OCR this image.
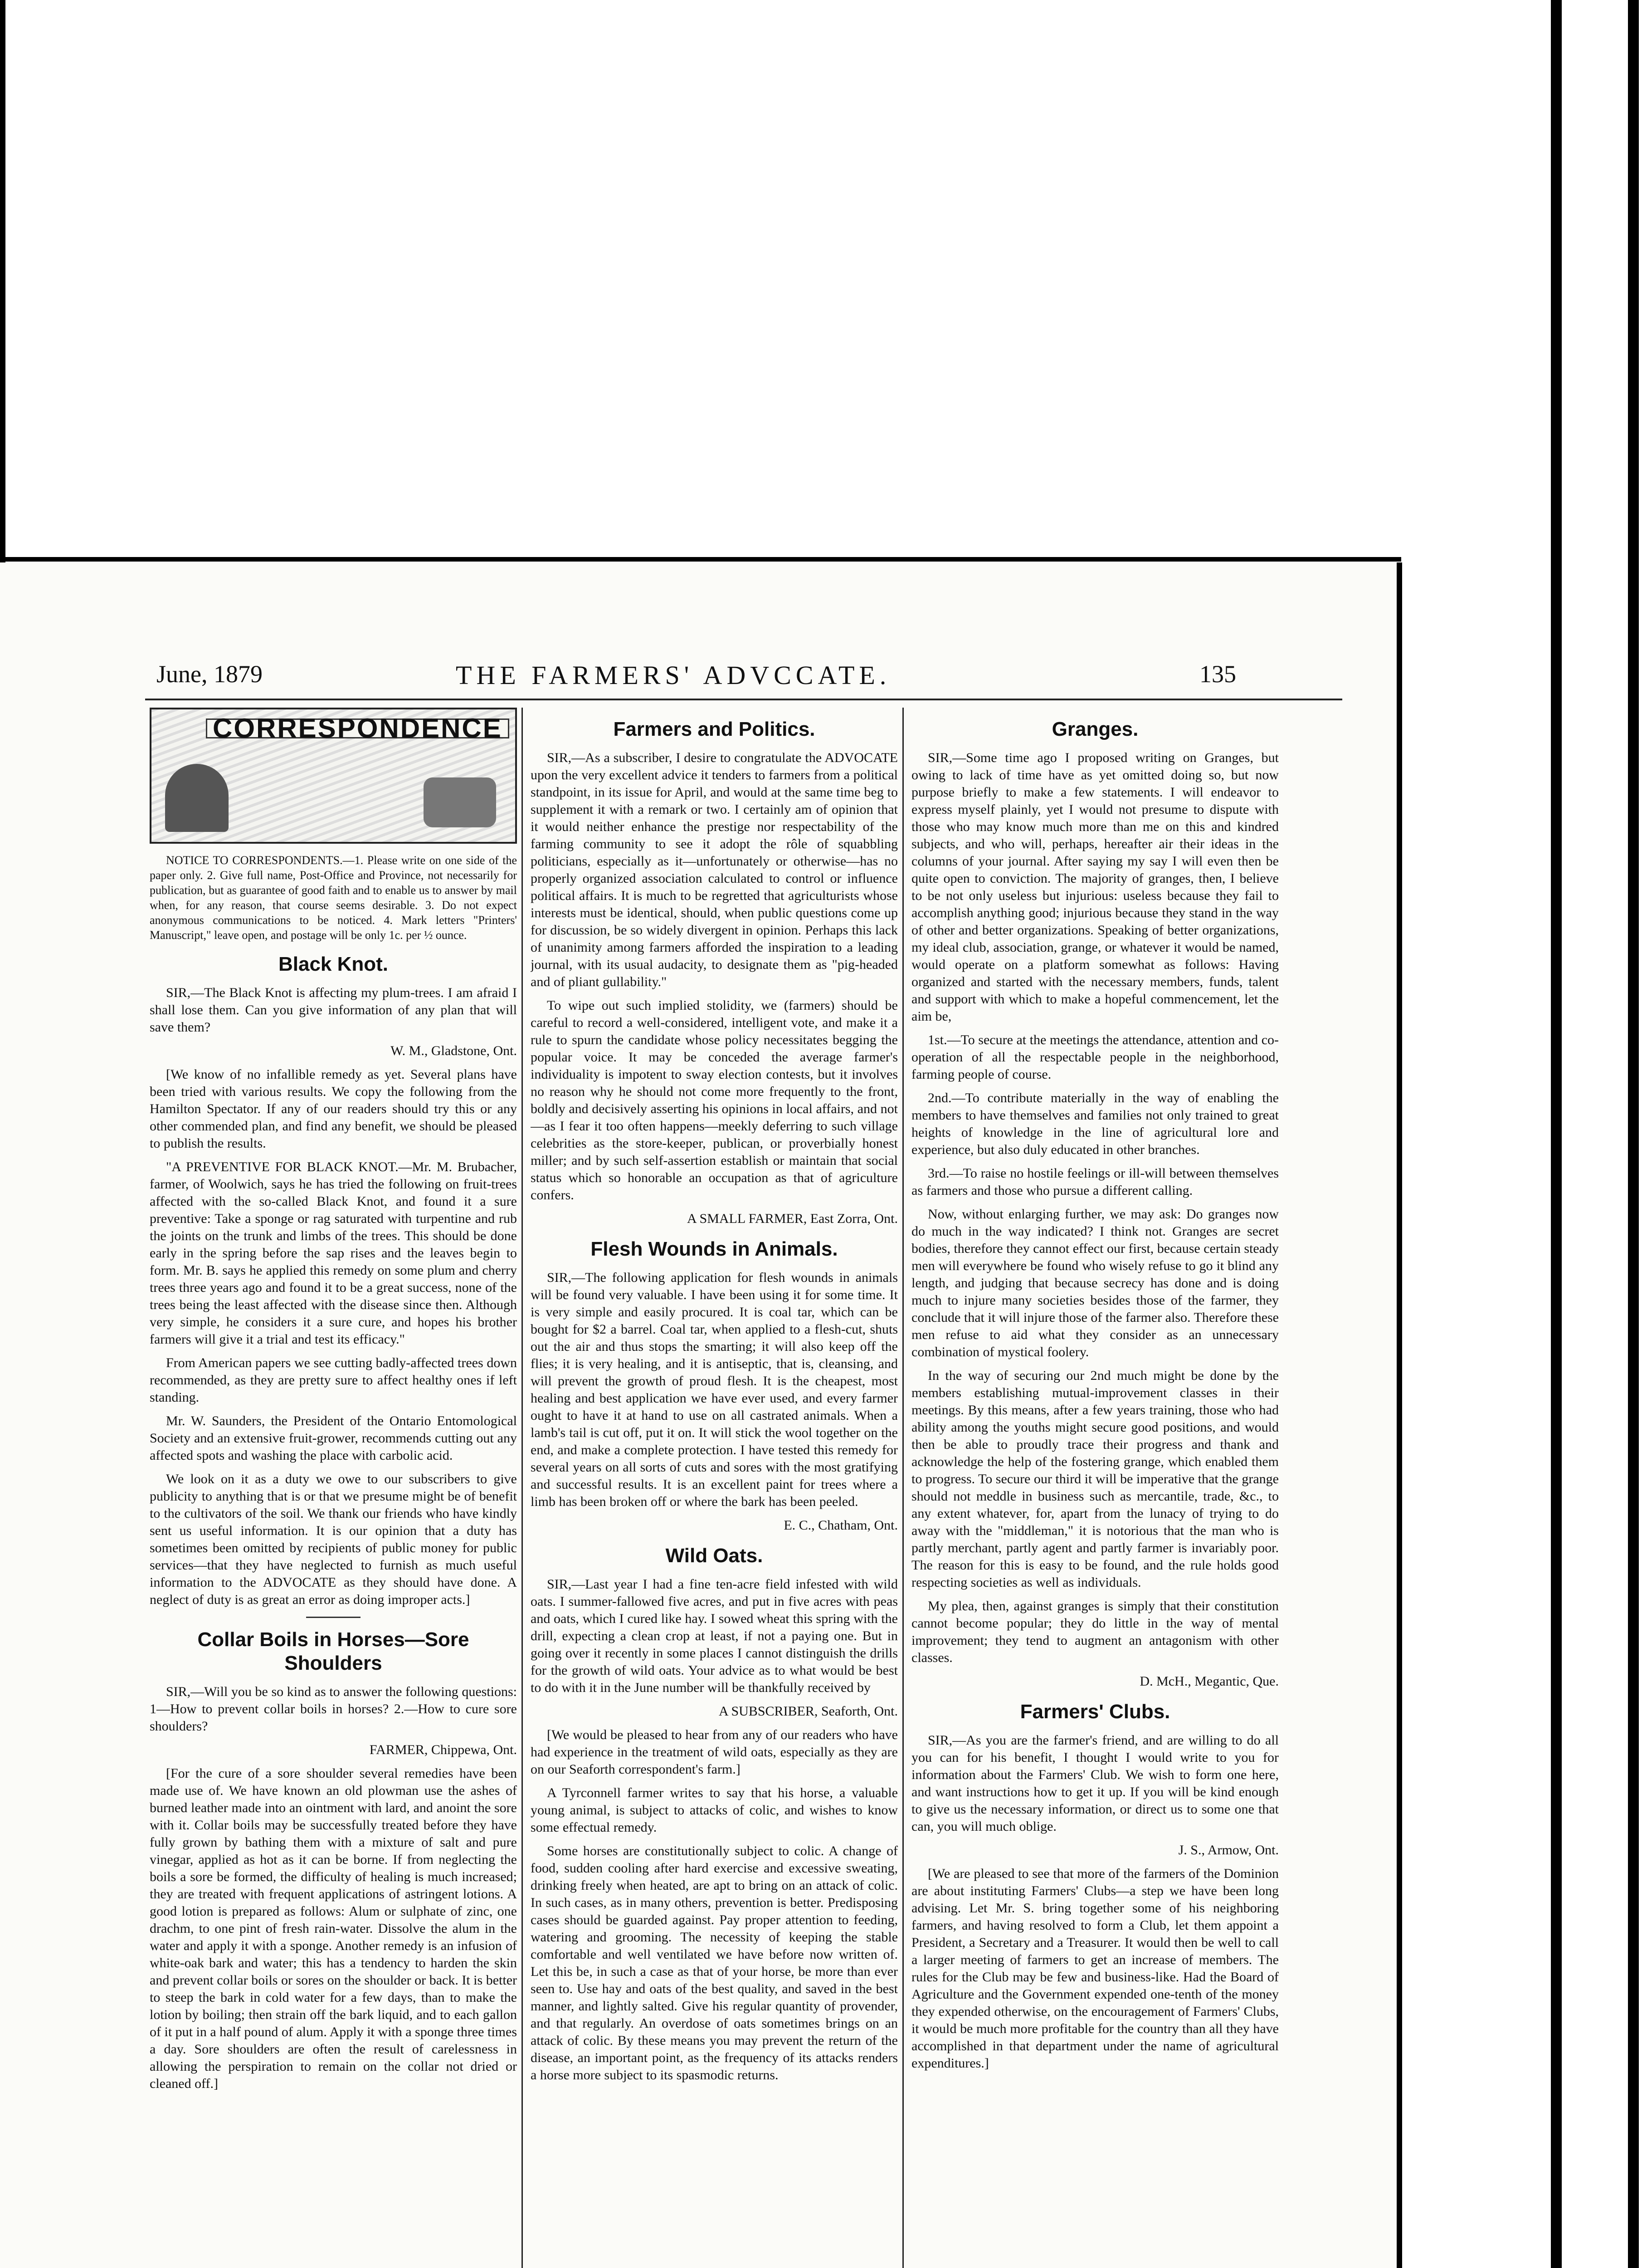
June, 1879	THE FARMERS' ADVCCATE.	135
CORRESPONDENCE

NOTICE TO CORRESPONDENTS.—1. Please write on one side of the paper only. 2. Give full name, Post-Office and Province, not necessarily for publication, but as guarantee of good faith and to enable us to answer by mail when, for any reason, that course seems desirable. 3. Do not expect anonymous communications to be noticed. 4. Mark letters "Printers' Manuscript," leave open, and postage will be only 1c. per ½ ounce.

Black Knot.

SIR,—The Black Knot is affecting my plum-trees. I am afraid I shall lose them. Can you give information of any plan that will save them?

W. M., Gladstone, Ont.

[We know of no infallible remedy as yet. Several plans have been tried with various results. We copy the following from the Hamilton Spectator. If any of our readers should try this or any other commended plan, and find any benefit, we should be pleased to publish the results.

"A PREVENTIVE FOR BLACK KNOT.—Mr. M. Brubacher, farmer, of Woolwich, says he has tried the following on fruit-trees affected with the so-called Black Knot, and found it a sure preventive: Take a sponge or rag saturated with turpentine and rub the joints on the trunk and limbs of the trees. This should be done early in the spring before the sap rises and the leaves begin to form. Mr. B. says he applied this remedy on some plum and cherry trees three years ago and found it to be a great success, none of the trees being the least affected with the disease since then. Although very simple, he considers it a sure cure, and hopes his brother farmers will give it a trial and test its efficacy."

From American papers we see cutting badly-affected trees down recommended, as they are pretty sure to affect healthy ones if left standing.

Mr. W. Saunders, the President of the Ontario Entomological Society and an extensive fruit-grower, recommends cutting out any affected spots and washing the place with carbolic acid.

We look on it as a duty we owe to our subscribers to give publicity to anything that is or that we presume might be of benefit to the cultivators of the soil. We thank our friends who have kindly sent us useful information. It is our opinion that a duty has sometimes been omitted by recipients of public money for public services—that they have neglected to furnish as much useful information to the ADVOCATE as they should have done. A neglect of duty is as great an error as doing improper acts.]

Collar Boils in Horses—Sore Shoulders

SIR,—Will you be so kind as to answer the following questions: 1—How to prevent collar boils in horses? 2.—How to cure sore shoulders?

FARMER, Chippewa, Ont.

[For the cure of a sore shoulder several remedies have been made use of. We have known an old plowman use the ashes of burned leather made into an ointment with lard, and anoint the sore with it. Collar boils may be successfully treated before they have fully grown by bathing them with a mixture of salt and pure vinegar, applied as hot as it can be borne. If from neglecting the boils a sore be formed, the difficulty of healing is much increased; they are treated with frequent applications of astringent lotions. A good lotion is prepared as follows: Alum or sulphate of zinc, one drachm, to one pint of fresh rain-water. Dissolve the alum in the water and apply it with a sponge. Another remedy is an infusion of white-oak bark and water; this has a tendency to harden the skin and prevent collar boils or sores on the shoulder or back. It is better to steep the bark in cold water for a few days, than to make the lotion by boiling; then strain off the bark liquid, and to each gallon of it put in a half pound of alum. Apply it with a sponge three times a day. Sore shoulders are often the result of carelessness in allowing the perspiration to remain on the collar not dried or cleaned off.]

Farmers and Politics.

SIR,—As a subscriber, I desire to congratulate the ADVOCATE upon the very excellent advice it tenders to farmers from a political standpoint, in its issue for April, and would at the same time beg to supplement it with a remark or two. I certainly am of opinion that it would neither enhance the prestige nor respectability of the farming community to see it adopt the rôle of squabbling politicians, especially as it—unfortunately or otherwise—has no properly organized association calculated to control or influence political affairs. It is much to be regretted that agriculturists whose interests must be identical, should, when public questions come up for discussion, be so widely divergent in opinion. Perhaps this lack of unanimity among farmers afforded the inspiration to a leading journal, with its usual audacity, to designate them as "pig-headed and of pliant gullability."

To wipe out such implied stolidity, we (farmers) should be careful to record a well-considered, intelligent vote, and make it a rule to spurn the candidate whose policy necessitates begging the popular voice. It may be conceded the average farmer's individuality is impotent to sway election contests, but it involves no reason why he should not come more frequently to the front, boldly and decisively asserting his opinions in local affairs, and not—as I fear it too often happens—meekly deferring to such village celebrities as the store-keeper, publican, or proverbially honest miller; and by such self-assertion establish or maintain that social status which so honorable an occupation as that of agriculture confers.

A SMALL FARMER, East Zorra, Ont.

Flesh Wounds in Animals.

SIR,—The following application for flesh wounds in animals will be found very valuable. I have been using it for some time. It is very simple and easily procured. It is coal tar, which can be bought for $2 a barrel. Coal tar, when applied to a flesh-cut, shuts out the air and thus stops the smarting; it will also keep off the flies; it is very healing, and it is antiseptic, that is, cleansing, and will prevent the growth of proud flesh. It is the cheapest, most healing and best application we have ever used, and every farmer ought to have it at hand to use on all castrated animals. When a lamb's tail is cut off, put it on. It will stick the wool together on the end, and make a complete protection. I have tested this remedy for several years on all sorts of cuts and sores with the most gratifying and successful results. It is an excellent paint for trees where a limb has been broken off or where the bark has been peeled.

E. C., Chatham, Ont.

Wild Oats.

SIR,—Last year I had a fine ten-acre field infested with wild oats. I summer-fallowed five acres, and put in five acres with peas and oats, which I cured like hay. I sowed wheat this spring with the drill, expecting a clean crop at least, if not a paying one. But in going over it recently in some places I cannot distinguish the drills for the growth of wild oats. Your advice as to what would be best to do with it in the June number will be thankfully received by

A SUBSCRIBER, Seaforth, Ont.

[We would be pleased to hear from any of our readers who have had experience in the treatment of wild oats, especially as they are on our Seaforth correspondent's farm.]

A Tyrconnell farmer writes to say that his horse, a valuable young animal, is subject to attacks of colic, and wishes to know some effectual remedy.

Some horses are constitutionally subject to colic. A change of food, sudden cooling after hard exercise and excessive sweating, drinking freely when heated, are apt to bring on an attack of colic. In such cases, as in many others, prevention is better. Predisposing cases should be guarded against. Pay proper attention to feeding, watering and grooming. The necessity of keeping the stable comfortable and well ventilated we have before now written of. Let this be, in such a case as that of your horse, be more than ever seen to. Use hay and oats of the best quality, and saved in the best manner, and lightly salted. Give his regular quantity of provender, and that regularly. An overdose of oats sometimes brings on an attack of colic. By these means you may prevent the return of the disease, an important point, as the frequency of its attacks renders a horse more subject to its spasmodic returns.

Granges.

SIR,—Some time ago I proposed writing on Granges, but owing to lack of time have as yet omitted doing so, but now purpose briefly to make a few statements. I will endeavor to express myself plainly, yet I would not presume to dispute with those who may know much more than me on this and kindred subjects, and who will, perhaps, hereafter air their ideas in the columns of your journal. After saying my say I will even then be quite open to conviction. The majority of granges, then, I believe to be not only useless but injurious: useless because they fail to accomplish anything good; injurious because they stand in the way of other and better organizations. Speaking of better organizations, my ideal club, association, grange, or whatever it would be named, would operate on a platform somewhat as follows: Having organized and started with the necessary members, funds, talent and support with which to make a hopeful commencement, let the aim be,

1st.—To secure at the meetings the attendance, attention and co-operation of all the respectable people in the neighborhood, farming people of course.

2nd.—To contribute materially in the way of enabling the members to have themselves and families not only trained to great heights of knowledge in the line of agricultural lore and experience, but also duly educated in other branches.

3rd.—To raise no hostile feelings or ill-will between themselves as farmers and those who pursue a different calling.

Now, without enlarging further, we may ask: Do granges now do much in the way indicated? I think not. Granges are secret bodies, therefore they cannot effect our first, because certain steady men will everywhere be found who wisely refuse to go it blind any length, and judging that because secrecy has done and is doing much to injure many societies besides those of the farmer, they conclude that it will injure those of the farmer also. Therefore these men refuse to aid what they consider as an unnecessary combination of mystical foolery.

In the way of securing our 2nd much might be done by the members establishing mutual-improvement classes in their meetings. By this means, after a few years training, those who had ability among the youths might secure good positions, and would then be able to proudly trace their progress and thank and acknowledge the help of the fostering grange, which enabled them to progress. To secure our third it will be imperative that the grange should not meddle in business such as mercantile, trade, &c., to any extent whatever, for, apart from the lunacy of trying to do away with the "middleman," it is notorious that the man who is partly merchant, partly agent and partly farmer is invariably poor. The reason for this is easy to be found, and the rule holds good respecting societies as well as individuals.

My plea, then, against granges is simply that their constitution cannot become popular; they do little in the way of mental improvement; they tend to augment an antagonism with other classes.

D. McH., Megantic, Que.

Farmers' Clubs.

SIR,—As you are the farmer's friend, and are willing to do all you can for his benefit, I thought I would write to you for information about the Farmers' Club. We wish to form one here, and want instructions how to get it up. If you will be kind enough to give us the necessary information, or direct us to some one that can, you will much oblige.

J. S., Armow, Ont.

[We are pleased to see that more of the farmers of the Dominion are about instituting Farmers' Clubs—a step we have been long advising. Let Mr. S. bring together some of his neighboring farmers, and having resolved to form a Club, let them appoint a President, a Secretary and a Treasurer. It would then be well to call a larger meeting of farmers to get an increase of members. The rules for the Club may be few and business-like. Had the Board of Agriculture and the Government expended one-tenth of the money they expended otherwise, on the encouragement of Farmers' Clubs, it would be much more profitable for the country than all they have accomplished in that department under the name of agricultural expenditures.]
